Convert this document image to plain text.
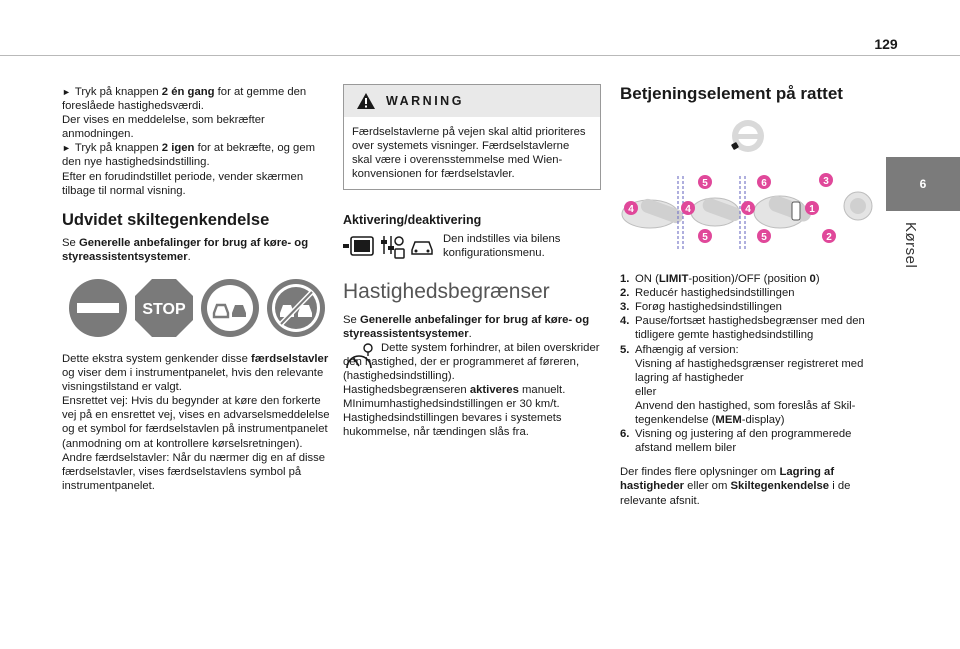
129
6
Kørsel

► Tryk på knappen 2 én gang for at gemme den foreslåede hastighedsværdi.

Der vises en meddelelse, som bekræfter anmodningen.

► Tryk på knappen 2 igen for at bekræfte, og gem den nye hastighedsindstilling.

Efter en forudindstillet periode, vender skærmen tilbage til normal visning.

Udvidet skiltegenkendelse

Se Generelle anbefalinger for brug af køre- og styreassistentsystemer.

STOP

Dette ekstra system genkender disse færdselstavler og viser dem i instrumentpanelet, hvis den relevante visningstilstand er valgt.

Ensrettet vej: Hvis du begynder at køre den forkerte vej på en ensrettet vej, vises en advarselsmeddelelse og et symbol for færdselstavlen på instrumentpanelet (anmodning om at kontrollere kørselsretningen).

Andre færdselstavler: Når du nærmer dig en af disse færdselstavler, vises færdselstavlens symbol på instrumentpanelet.

WARNING
Færdselstavlerne på vejen skal altid prioriteres over systemets visninger. Færdselstavlerne skal være i overensstemmelse med Wien-konvensionen for færdselstavler.
Aktivering/deaktivering
Den indstilles via bilens konfigurationsmenu.
Hastighedsbegrænser

Se Generelle anbefalinger for brug af køre- og styreassistentsystemer.

Dette system forhindrer, at bilen overskrider den hastighed, der er programmeret af føreren, (hastighedsindstilling).

Hastighedsbegrænseren aktiveres manuelt.

MInimumhastighedsindstillingen er 30 km/t.

Hastighedsindstillingen bevares i systemets hukommelse, når tændingen slås fra.

Betjeningselement på rattet
5	6	3
4	4	4	1
5	5	2
1. ON (LIMIT-position)/OFF (position 0)
2. Reducér hastighedsindstillingen
3. Forøg hastighedsindstillingen
4. Pause/fortsæt hastighedsbegrænser med den tidligere gemte hastighedsindstilling
5. Afhængig af version:
Visning af hastighedsgrænser registreret med lagring af hastigheder
eller
Anvend den hastighed, som foreslås af Skiltegenkendelse (MEM-display)
6. Visning og justering af den programmerede afstand mellem biler

Der findes flere oplysninger om Lagring af hastigheder eller om Skiltegenkendelse i de relevante afsnit.
